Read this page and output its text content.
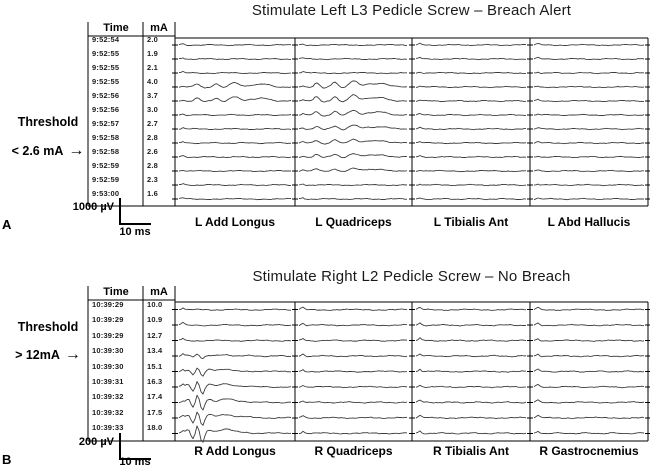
Stimulate Left L3 Pedicle Screw – Breach Alert
Time	mA
Threshold
< 2.6 mA →
1000 µV
10 ms
A
Stimulate Right L2 Pedicle Screw – No Breach
Time	mA
Threshold
> 12mA →
200 µV
10 ms
B
9:52:54	2.0
9:52:55	1.9
9:52:55	2.1
9:52:55	4.0
9:52:56	3.7
9:52:56	3.0
9:52:57	2.7
9:52:58	2.8
9:52:58	2.6
9:52:59	2.8
9:52:59	2.3
9:53:00	1.6
L Add Longus	L Quadriceps	L Tibialis Ant	L Abd Hallucis
10:39:29	10.0
10:39:29	10.9
10:39:29	12.7
10:39:30	13.4
10:39:30	15.1
10:39:31	16.3
10:39:32	17.4
10:39:32	17.5
10:39:33	18.0
R Add Longus	R Quadriceps	R Tibialis Ant	R Gastrocnemius
